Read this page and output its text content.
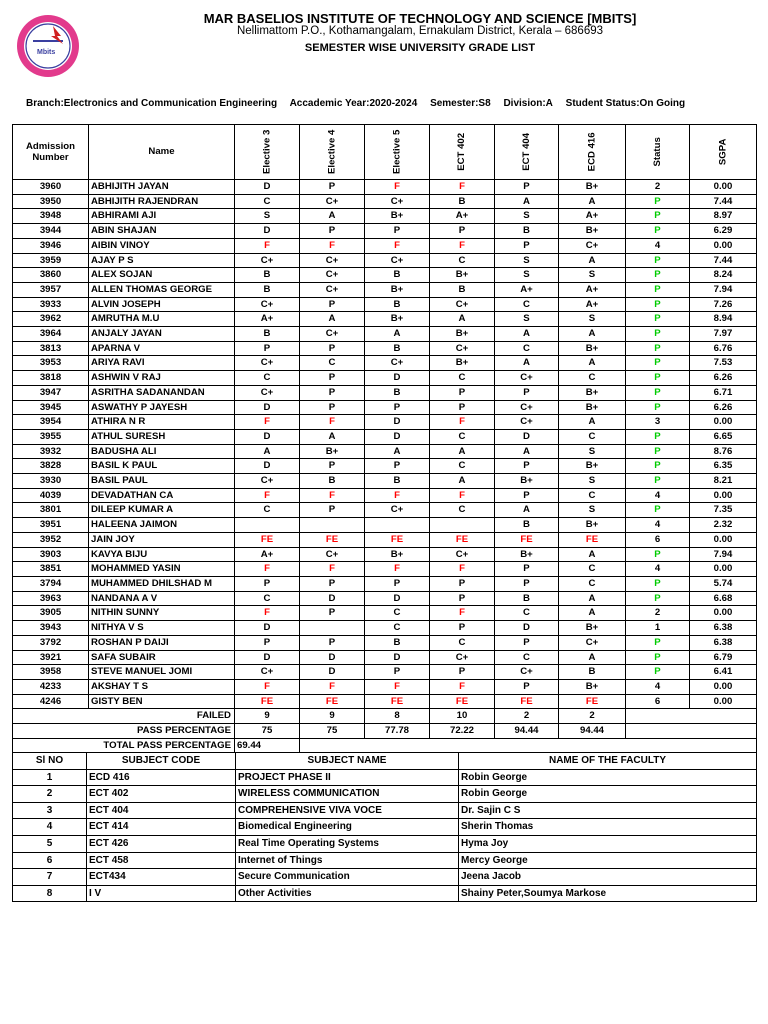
Mbits
MAR BASELIOS INSTITUTE OF TECHNOLOGY AND SCIENCE [MBITS]
Nellimattom P.O., Kothamangalam, Ernakulam District, Kerala – 686693
SEMESTER WISE UNIVERSITY GRADE LIST
Branch:Electronics and Communication Engineering Accademic Year:2020-2024 Semester:S8 Division:A Student Status:On Going
Admission Number	Name	Elective 3	Elective 4	Elective 5	ECT 402	ECT 404	ECD 416	Status	SGPA
3960	ABHIJITH JAYAN	D	P	F	F	P	B+	2	0.00
3950	ABHIJITH RAJENDRAN	C	C+	C+	B	A	A	P	7.44
3948	ABHIRAMI AJI	S	A	B+	A+	S	A+	P	8.97
3944	ABIN SHAJAN	D	P	P	P	B	B+	P	6.29
3946	AIBIN VINOY	F	F	F	F	P	C+	4	0.00
3959	AJAY P S	C+	C+	C+	C	S	A	P	7.44
3860	ALEX SOJAN	B	C+	B	B+	S	S	P	8.24
3957	ALLEN THOMAS GEORGE	B	C+	B+	B	A+	A+	P	7.94
3933	ALVIN JOSEPH	C+	P	B	C+	C	A+	P	7.26
3962	AMRUTHA M.U	A+	A	B+	A	S	S	P	8.94
3964	ANJALY JAYAN	B	C+	A	B+	A	A	P	7.97
3813	APARNA V	P	P	B	C+	C	B+	P	6.76
3953	ARIYA RAVI	C+	C	C+	B+	A	A	P	7.53
3818	ASHWIN V RAJ	C	P	D	C	C+	C	P	6.26
3947	ASRITHA SADANANDAN	C+	P	B	P	P	B+	P	6.71
3945	ASWATHY P JAYESH	D	P	P	P	C+	B+	P	6.26
3954	ATHIRA N R	F	F	D	F	C+	A	3	0.00
3955	ATHUL SURESH	D	A	D	C	D	C	P	6.65
3932	BADUSHA ALI	A	B+	A	A	A	S	P	8.76
3828	BASIL K PAUL	D	P	P	C	P	B+	P	6.35
3930	BASIL PAUL	C+	B	B	A	B+	S	P	8.21
4039	DEVADATHAN CA	F	F	F	F	P	C	4	0.00
3801	DILEEP KUMAR A	C	P	C+	C	A	S	P	7.35
3951	HALEENA JAIMON					B	B+	4	2.32
3952	JAIN JOY	FE	FE	FE	FE	FE	FE	6	0.00
3903	KAVYA BIJU	A+	C+	B+	C+	B+	A	P	7.94
3851	MOHAMMED YASIN	F	F	F	F	P	C	4	0.00
3794	MUHAMMED DHILSHAD M	P	P	P	P	P	C	P	5.74
3963	NANDANA A V	C	D	D	P	B	A	P	6.68
3905	NITHIN SUNNY	F	P	C	F	C	A	2	0.00
3943	NITHYA V S	D		C	P	D	B+	1	6.38
3792	ROSHAN P DAIJI	P	P	B	C	P	C+	P	6.38
3921	SAFA SUBAIR	D	D	D	C+	C	A	P	6.79
3958	STEVE MANUEL JOMI	C+	D	P	P	C+	B	P	6.41
4233	AKSHAY T S	F	F	F	F	P	B+	4	0.00
4246	GISTY BEN	FE	FE	FE	FE	FE	FE	6	0.00
FAILED		9	9	8	10	2	2		
PASS PERCENTAGE		75	75	77.78	72.22	94.44	94.44		
TOTAL PASS PERCENTAGE		69.44							
Sl NO	SUBJECT CODE	SUBJECT NAME	NAME OF THE FACULTY
1	ECD 416	PROJECT PHASE II	Robin George
2	ECT 402	WIRELESS COMMUNICATION	Robin George
3	ECT 404	COMPREHENSIVE VIVA VOCE	Dr. Sajin C S
4	ECT 414	Biomedical Engineering	Sherin Thomas
5	ECT 426	Real Time Operating Systems	Hyma Joy
6	ECT 458	Internet of Things	Mercy George
7	ECT434	Secure Communication	Jeena Jacob
8	I V	Other Activities	Shainy Peter,Soumya Markose
